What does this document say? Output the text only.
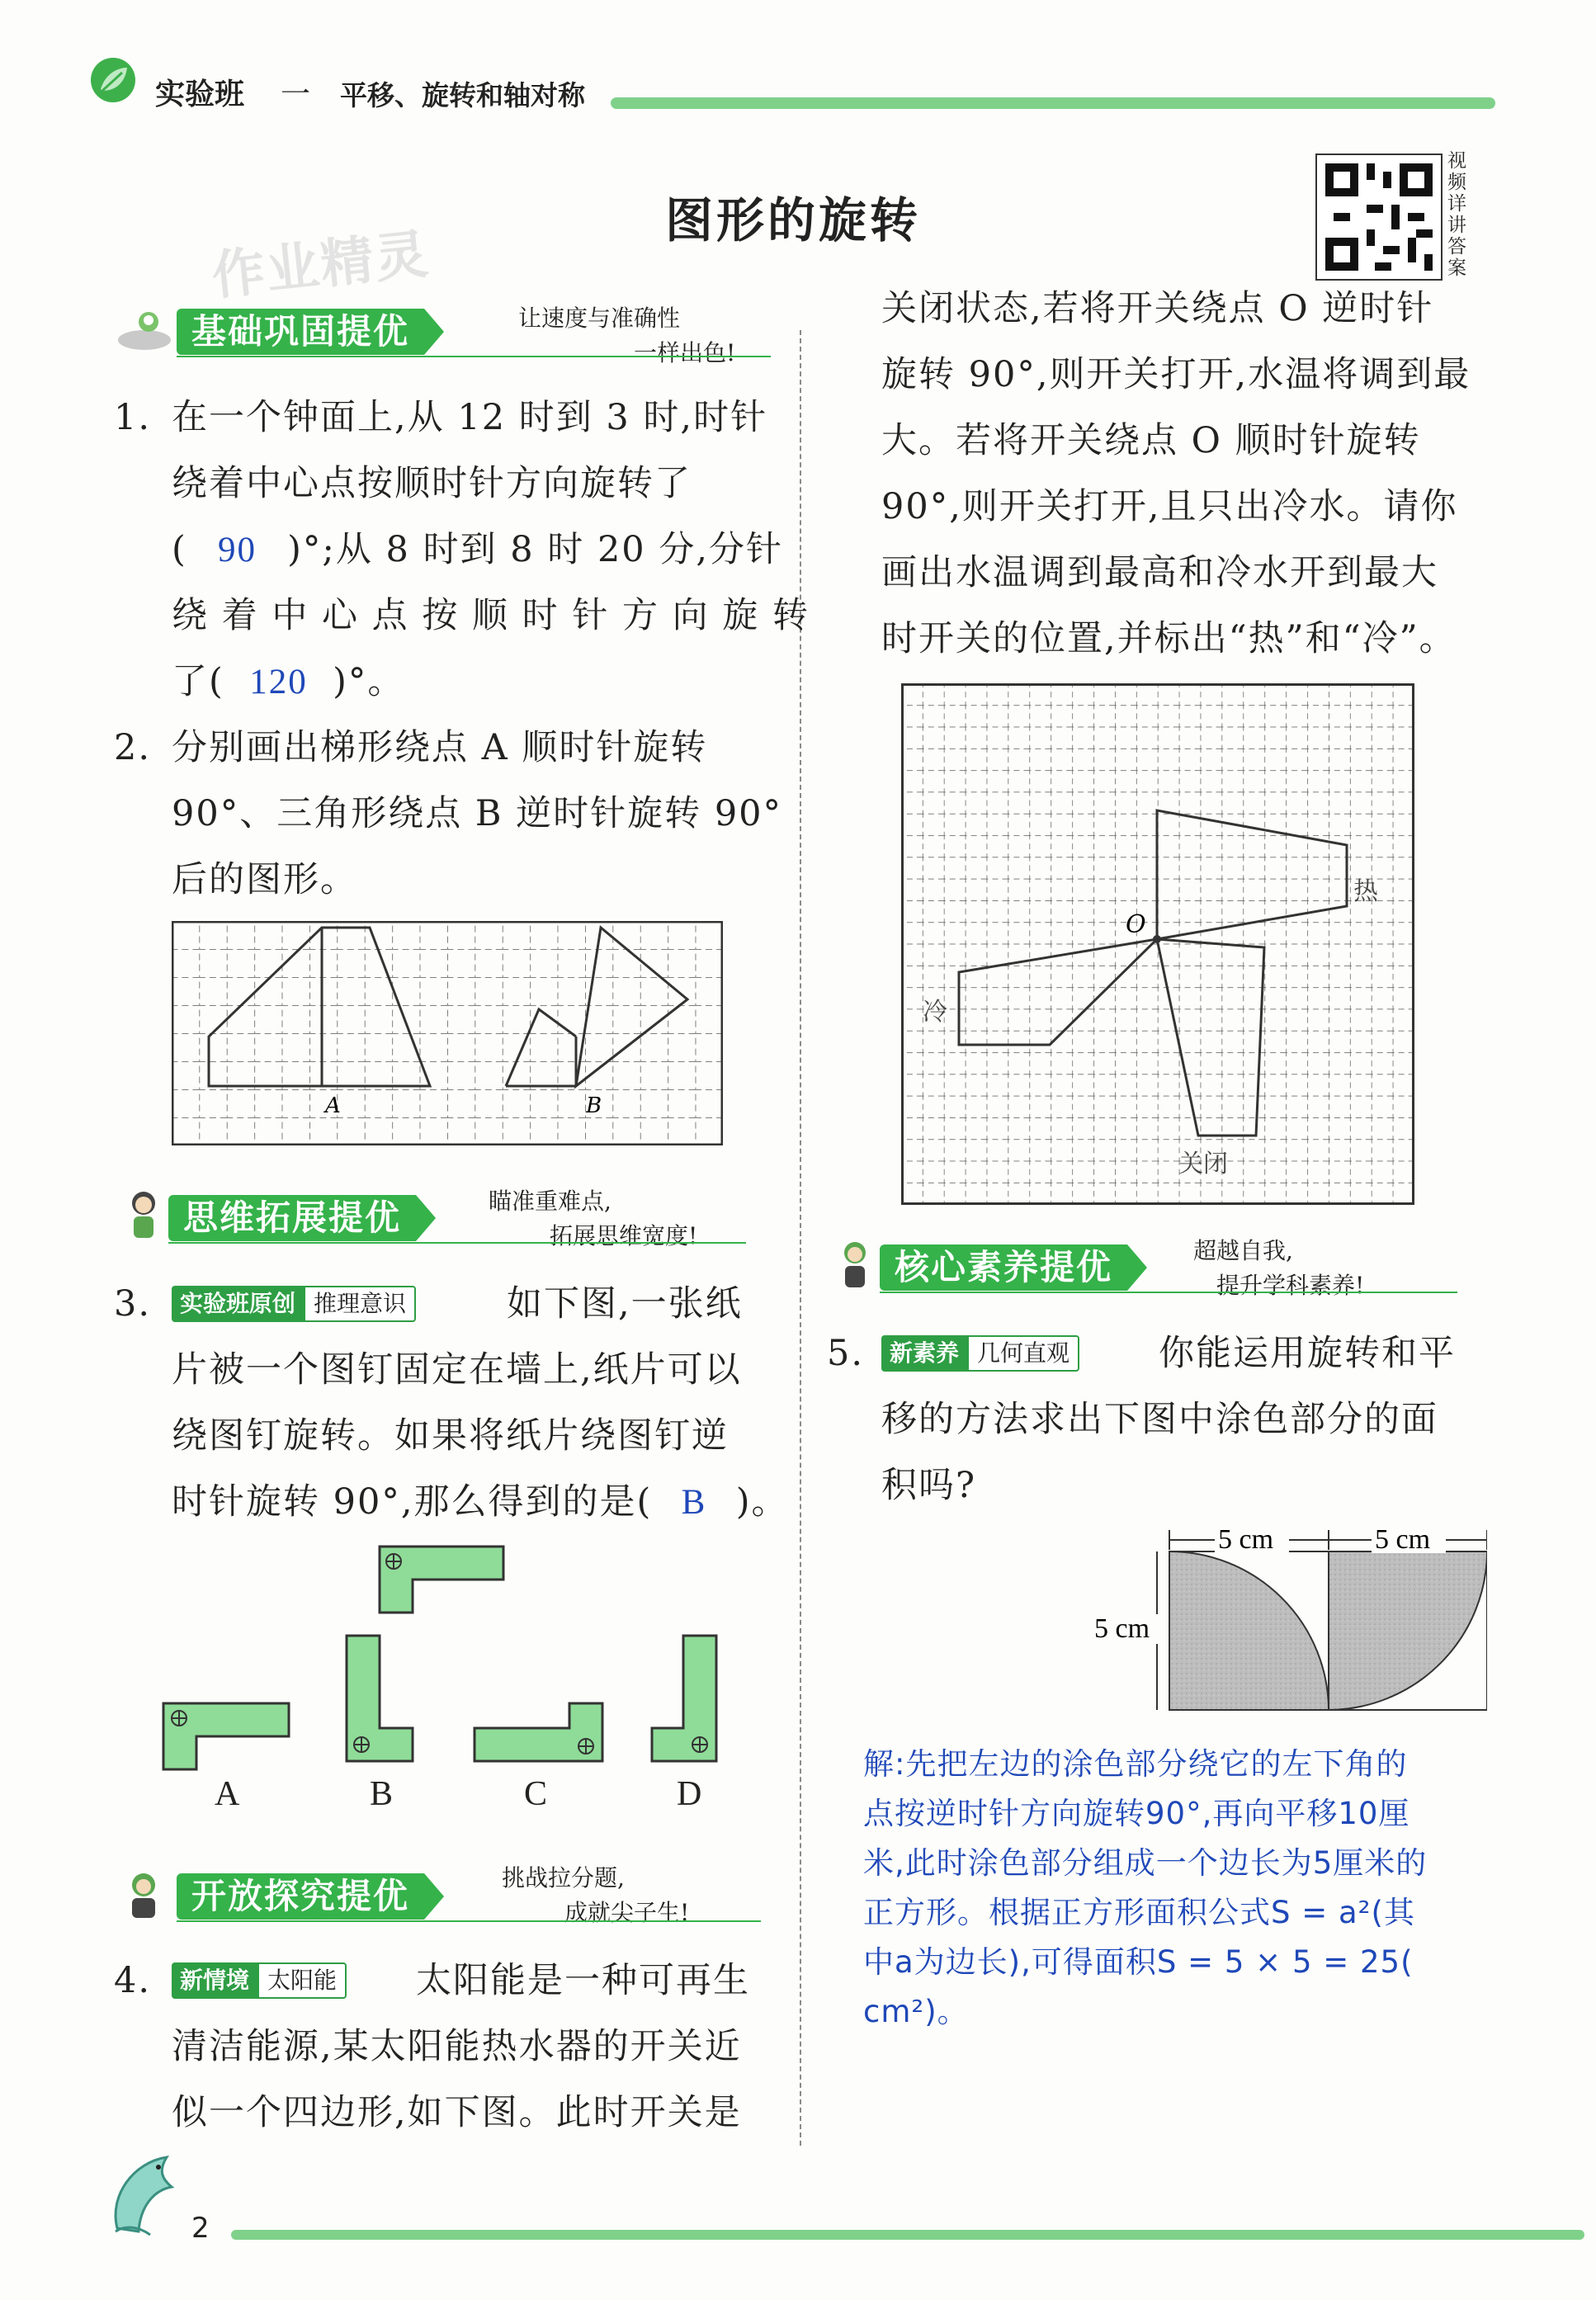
实验班 一 平移、旋转和轴对称
图形的旋转
作业精灵
视频详讲答案
基础巩固提优	让速度与准确性
一样出色!
1. 在一个钟面上,从 12 时到 3 时,时针
绕着中心点按顺时针方向旋转了
( 90 )°;从 8 时到 8 时 20 分,分针
绕 着 中 心 点 按 顺 时 针 方 向 旋 转
了( 120 )°。
2. 分别画出梯形绕点 A 顺时针旋转
90°、三角形绕点 B 逆时针旋转 90°
后的图形。
A	B
思维拓展提优	瞄准重难点,
拓展思维宽度!
3.	实验班原创 推理意识	如下图,一张纸
片被一个图钉固定在墙上,纸片可以
绕图钉旋转。如果将纸片绕图钉逆
时针旋转 90°,那么得到的是( B )。
A	B	C	D
开放探究提优	挑战拉分题,
成就尖子生!
4.	新情境 太阳能 太阳能是一种可再生
清洁能源,某太阳能热水器的开关近
似一个四边形,如下图。此时开关是
关闭状态,若将开关绕点 O 逆时针
旋转 90°,则开关打开,水温将调到最
大。若将开关绕点 O 顺时针旋转
90°,则开关打开,且只出冷水。请你
画出水温调到最高和冷水开到最大
时开关的位置,并标出“热”和“冷”。
O
热
冷
关闭
核心素养提优	超越自我,
提升学科素养!
5.	新素养 几何直观	你能运用旋转和平
移的方法求出下图中涂色部分的面
积吗?
5 cm	5 cm
5 cm
解:先把左边的涂色部分绕它的左下角的
点按逆时针方向旋转90°,再向平移10厘
米,此时涂色部分组成一个边长为5厘米的
正方形。根据正方形面积公式S = a²(其
中a为边长),可得面积S = 5 × 5 = 25(
cm²)。
2
